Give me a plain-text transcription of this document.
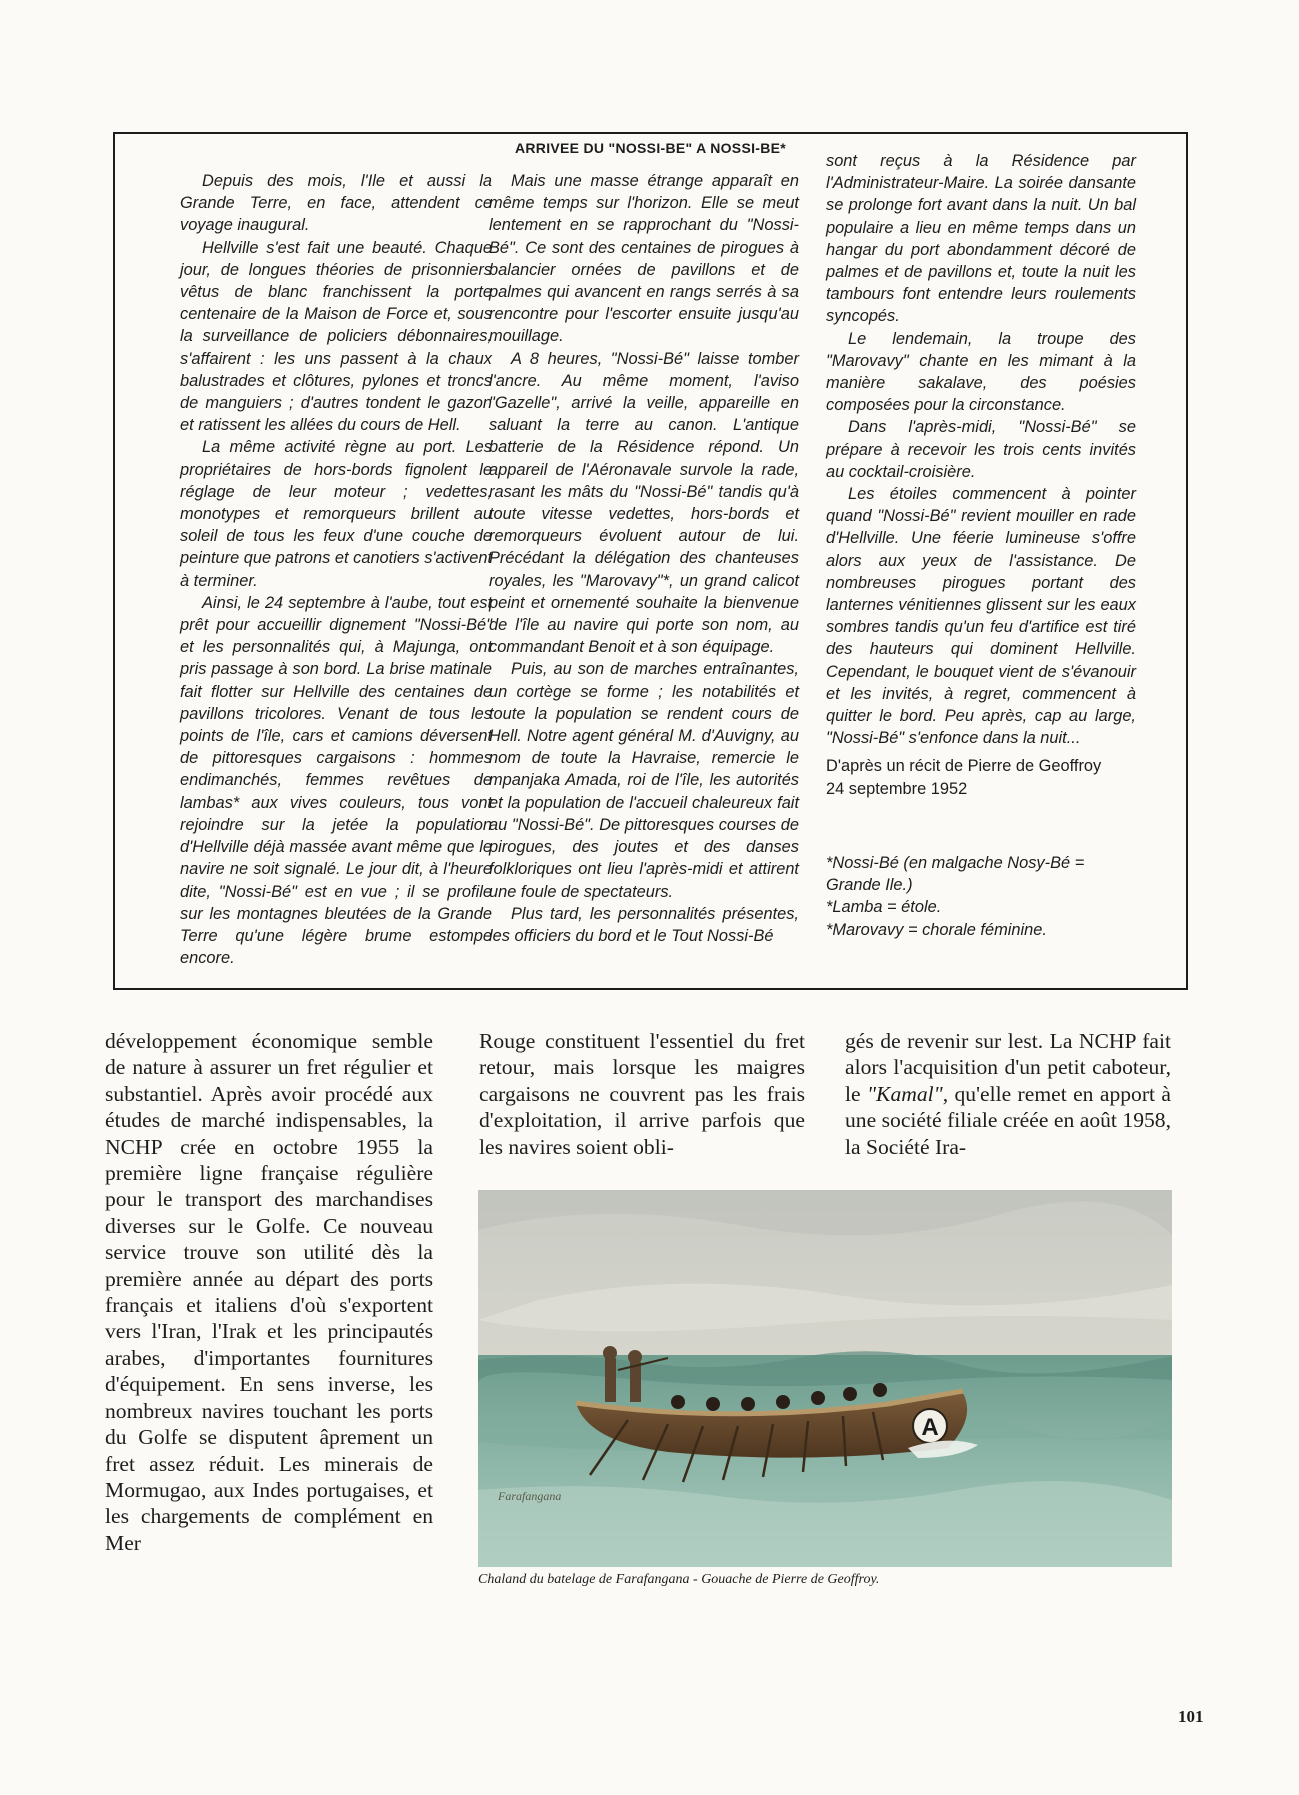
ARRIVEE DU "NOSSI-BE" A NOSSI-BE*

Depuis des mois, l'Ile et aussi la Grande Terre, en face, attendent ce voyage inaugural.

Hellville s'est fait une beauté. Chaque jour, de longues théories de prisonniers vêtus de blanc franchissent la porte centenaire de la Maison de Force et, sous la surveillance de policiers débonnaires, s'affairent : les uns passent à la chaux balustrades et clôtures, pylones et troncs de manguiers ; d'autres tondent le gazon et ratissent les allées du cours de Hell.

La même activité règne au port. Les propriétaires de hors-bords fignolent le réglage de leur moteur ; vedettes, monotypes et remorqueurs brillent au soleil de tous les feux d'une couche de peinture que patrons et canotiers s'activent à terminer.

Ainsi, le 24 septembre à l'aube, tout est prêt pour accueillir dignement "Nossi-Bé" et les personnalités qui, à Majunga, ont pris passage à son bord. La brise matinale fait flotter sur Hellville des centaines de pavillons tricolores. Venant de tous les points de l'île, cars et camions déversent de pittoresques cargaisons : hommes endimanchés, femmes revêtues de lambas* aux vives couleurs, tous vont rejoindre sur la jetée la population d'Hellville déjà massée avant même que le navire ne soit signalé. Le jour dit, à l'heure dite, "Nossi-Bé" est en vue ; il se profile sur les montagnes bleutées de la Grande Terre qu'une légère brume estompe encore.

Mais une masse étrange apparaît en même temps sur l'horizon. Elle se meut lentement en se rapprochant du "Nossi-Bé". Ce sont des centaines de pirogues à balancier ornées de pavillons et de palmes qui avancent en rangs serrés à sa rencontre pour l'escorter ensuite jusqu'au mouillage.

A 8 heures, "Nossi-Bé" laisse tomber l'ancre. Au même moment, l'aviso "Gazelle", arrivé la veille, appareille en saluant la terre au canon. L'antique batterie de la Résidence répond. Un appareil de l'Aéronavale survole la rade, rasant les mâts du "Nossi-Bé" tandis qu'à toute vitesse vedettes, hors-bords et remorqueurs évoluent autour de lui. Précédant la délégation des chanteuses royales, les "Marovavy"*, un grand calicot peint et ornementé souhaite la bienvenue de l'île au navire qui porte son nom, au commandant Benoit et à son équipage.

Puis, au son de marches entraînantes, un cortège se forme ; les notabilités et toute la population se rendent cours de Hell. Notre agent général M. d'Auvigny, au nom de toute la Havraise, remercie le mpanjaka Amada, roi de l'île, les autorités et la population de l'accueil chaleureux fait au "Nossi-Bé". De pittoresques courses de pirogues, des joutes et des danses folkloriques ont lieu l'après-midi et attirent une foule de spectateurs.

Plus tard, les personnalités présentes, les officiers du bord et le Tout Nossi-Bé

sont reçus à la Résidence par l'Administrateur-Maire. La soirée dansante se prolonge fort avant dans la nuit. Un bal populaire a lieu en même temps dans un hangar du port abondamment décoré de palmes et de pavillons et, toute la nuit les tambours font entendre leurs roulements syncopés.

Le lendemain, la troupe des "Marovavy" chante en les mimant à la manière sakalave, des poésies composées pour la circonstance.

Dans l'après-midi, "Nossi-Bé" se prépare à recevoir les trois cents invités au cocktail-croisière.

Les étoiles commencent à pointer quand "Nossi-Bé" revient mouiller en rade d'Hellville. Une féerie lumineuse s'offre alors aux yeux de l'assistance. De nombreuses pirogues portant des lanternes vénitiennes glissent sur les eaux sombres tandis qu'un feu d'artifice est tiré des hauteurs qui dominent Hellville. Cependant, le bouquet vient de s'évanouir et les invités, à regret, commencent à quitter le bord. Peu après, cap au large, "Nossi-Bé" s'enfonce dans la nuit...

D'après un récit de Pierre de Geoffroy

24 septembre 1952

*Nossi-Bé (en malgache Nosy-Bé = Grande Ile.)

*Lamba = étole.

*Marovavy = chorale féminine.

développement économique semble de nature à assurer un fret régulier et substantiel. Après avoir procédé aux études de marché indispensables, la NCHP crée en octobre 1955 la première ligne française régulière pour le transport des marchandises diverses sur le Golfe. Ce nouveau service trouve son utilité dès la première année au départ des ports français et italiens d'où s'exportent vers l'Iran, l'Irak et les principautés arabes, d'importantes fournitures d'équipement. En sens inverse, les nombreux navires touchant les ports du Golfe se disputent âprement un fret assez réduit. Les minerais de Mormugao, aux Indes portugaises, et les chargements de complément en Mer

Rouge constituent l'essentiel du fret retour, mais lorsque les maigres cargaisons ne couvrent pas les frais d'exploitation, il arrive parfois que les navires soient obli-

gés de revenir sur lest. La NCHP fait alors l'acquisition d'un petit caboteur, le "Kamal", qu'elle remet en apport à une société filiale créée en août 1958, la Société Ira-

A
Farafangana
Chaland du batelage de Farafangana - Gouache de Pierre de Geoffroy.
101
